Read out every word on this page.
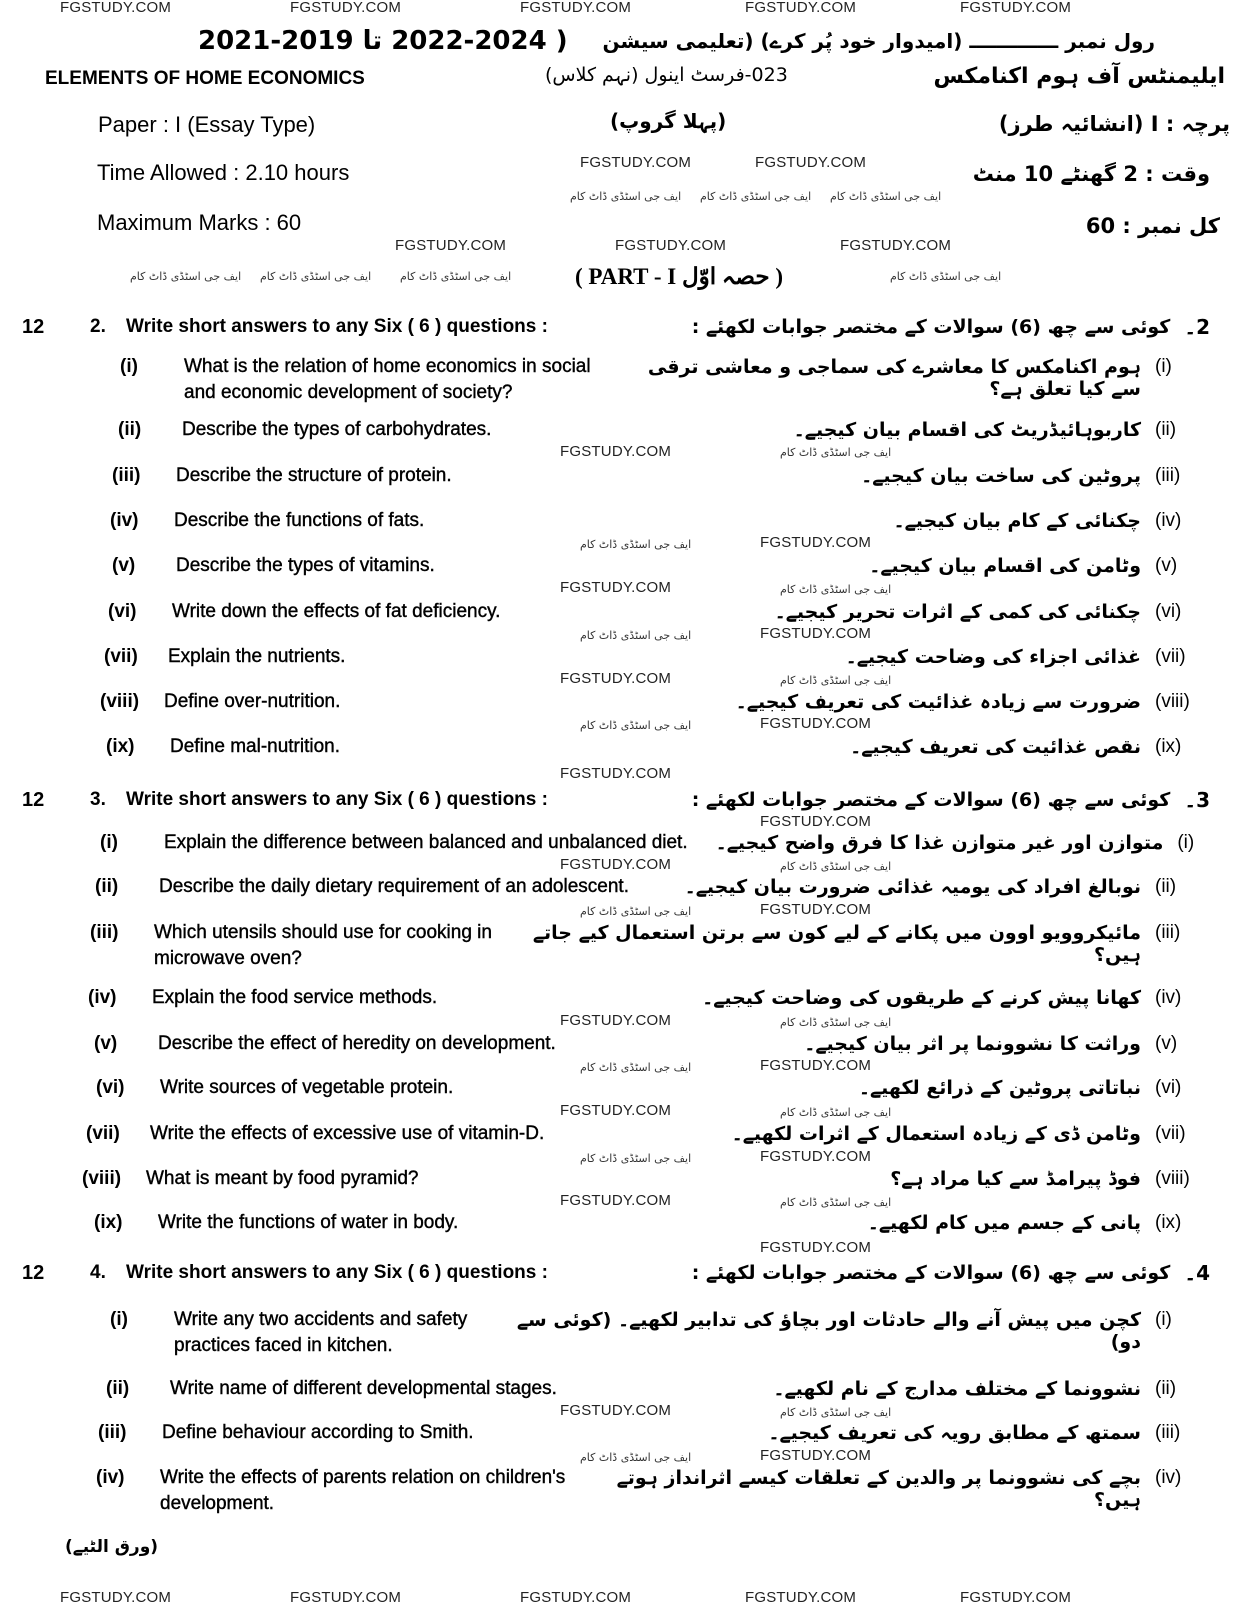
رول نمبر ـــــــــــــ (امیدوار خود پُر کرے) (تعلیمی سیشن
( 2022-2024 تا 2019-2021
ELEMENTS OF HOME ECONOMICS	023-فرسٹ اینول (نہم کلاس)	ایلیمنٹس آف ہوم اکنامکس
Paper : I (Essay Type)	(پہلا گروپ)	پرچہ : I (انشائیہ طرز)
Time Allowed : 2.10 hours	وقت : 2 گھنٹے 10 منٹ
Maximum Marks : 60	کل نمبر : 60
( PART - I حصہ اوّل )
12	2.	Write short answers to any Six ( 6 ) questions :	کوئی سے چھ (6) سوالات کے مختصر جوابات لکھئے : 2۔
(i)	What is the relation of home economics in social
and economic development of society?
ہوم اکنامکس کا معاشرے کی سماجی و معاشی ترقی سے کیا تعلق ہے؟
(i)
(ii)	Describe the types of carbohydrates.	کاربوہائیڈریٹ کی اقسام بیان کیجیے۔ (ii)
(iii)	Describe the structure of protein.	پروٹین کی ساخت بیان کیجیے۔ (iii)
(iv)	Describe the functions of fats.	چکنائی کے کام بیان کیجیے۔ (iv)
(v)	Describe the types of vitamins.	وٹامن کی اقسام بیان کیجیے۔ (v)
(vi)	Write down the effects of fat deficiency.	چکنائی کی کمی کے اثرات تحریر کیجیے۔ (vi)
(vii)	Explain the nutrients.	غذائی اجزاء کی وضاحت کیجیے۔ (vii)
(viii)	Define over-nutrition.	ضرورت سے زیادہ غذائیت کی تعریف کیجیے۔ (viii)
(ix)	Define mal-nutrition.	نقص غذائیت کی تعریف کیجیے۔ (ix)
12	3.	Write short answers to any Six ( 6 ) questions :	کوئی سے چھ (6) سوالات کے مختصر جوابات لکھئے : 3۔
(i)	Explain the difference between balanced and unbalanced diet. متوازن اور غیر متوازن غذا کا فرق واضح کیجیے۔ (i)
(ii)	Describe the daily dietary requirement of an adolescent.	نوبالغ افراد کی یومیہ غذائی ضرورت بیان کیجیے۔ (ii)
(iii)	Which utensils should use for cooking in
microwave oven?
مائیکروویو اوون میں پکانے کے لیے کون سے برتن استعمال کیے جاتے ہیں؟
(iii)
(iv)	Explain the food service methods.	کھانا پیش کرنے کے طریقوں کی وضاحت کیجیے۔ (iv)
(v)	Describe the effect of heredity on development.	وراثت کا نشوونما پر اثر بیان کیجیے۔ (v)
(vi)	Write sources of vegetable protein.	نباتاتی پروٹین کے ذرائع لکھیے۔ (vi)
(vii)	Write the effects of excessive use of vitamin-D.	وٹامن ڈی کے زیادہ استعمال کے اثرات لکھیے۔ (vii)
(viii)	What is meant by food pyramid?	فوڈ پیرامڈ سے کیا مراد ہے؟ (viii)
(ix)	Write the functions of water in body.	پانی کے جسم میں کام لکھیے۔ (ix)
12	4.	Write short answers to any Six ( 6 ) questions :	کوئی سے چھ (6) سوالات کے مختصر جوابات لکھئے : 4۔
(i)	Write any two accidents and safety
practices faced in kitchen.
کچن میں پیش آنے والے حادثات اور بچاؤ کی تدابیر لکھیے۔ (کوئی سے دو)
(i)
(ii)	Write name of different developmental stages.	نشوونما کے مختلف مدارج کے نام لکھیے۔ (ii)
(iii)	Define behaviour according to Smith.	سمتھ کے مطابق رویہ کی تعریف کیجیے۔ (iii)
(iv)	Write the effects of parents relation on children's
development.
بچے کی نشوونما پر والدین کے تعلقات کیسے اثرانداز ہوتے ہیں؟
(iv)
FGSTUDY.COM	FGSTUDY.COM	FGSTUDY.COM	FGSTUDY.COM	FGSTUDY.COM
FGSTUDY.COM	FGSTUDY.COM	FGSTUDY.COM
FGSTUDY.COM	FGSTUDY.COM
FGSTUDY.COM
FGSTUDY.COM
FGSTUDY.COM
FGSTUDY.COM
FGSTUDY.COM
FGSTUDY.COM
FGSTUDY.COM
FGSTUDY.COM
FGSTUDY.COM
FGSTUDY.COM
FGSTUDY.COM
FGSTUDY.COM
FGSTUDY.COM
FGSTUDY.COM
FGSTUDY.COM
FGSTUDY.COM
FGSTUDY.COM
FGSTUDY.COM
FGSTUDY.COM	FGSTUDY.COM	FGSTUDY.COM	FGSTUDY.COM	FGSTUDY.COM
ایف جی اسٹڈی ڈاٹ کام ایف جی اسٹڈی ڈاٹ کام	ایف جی اسٹڈی ڈاٹ کام	ایف جی اسٹڈی ڈاٹ کام
ایف جی اسٹڈی ڈاٹ کام ایف جی اسٹڈی ڈاٹ کام ایف جی اسٹڈی ڈاٹ کام
ایف جی اسٹڈی ڈاٹ کام
ایف جی اسٹڈی ڈاٹ کام
ایف جی اسٹڈی ڈاٹ کام
ایف جی اسٹڈی ڈاٹ کام
ایف جی اسٹڈی ڈاٹ کام
ایف جی اسٹڈی ڈاٹ کام
ایف جی اسٹڈی ڈاٹ کام
ایف جی اسٹڈی ڈاٹ کام
ایف جی اسٹڈی ڈاٹ کام
ایف جی اسٹڈی ڈاٹ کام
ایف جی اسٹڈی ڈاٹ کام
ایف جی اسٹڈی ڈاٹ کام
ایف جی اسٹڈی ڈاٹ کام
ایف جی اسٹڈی ڈاٹ کام
ایف جی اسٹڈی ڈاٹ کام
(ورق الٹیے)
